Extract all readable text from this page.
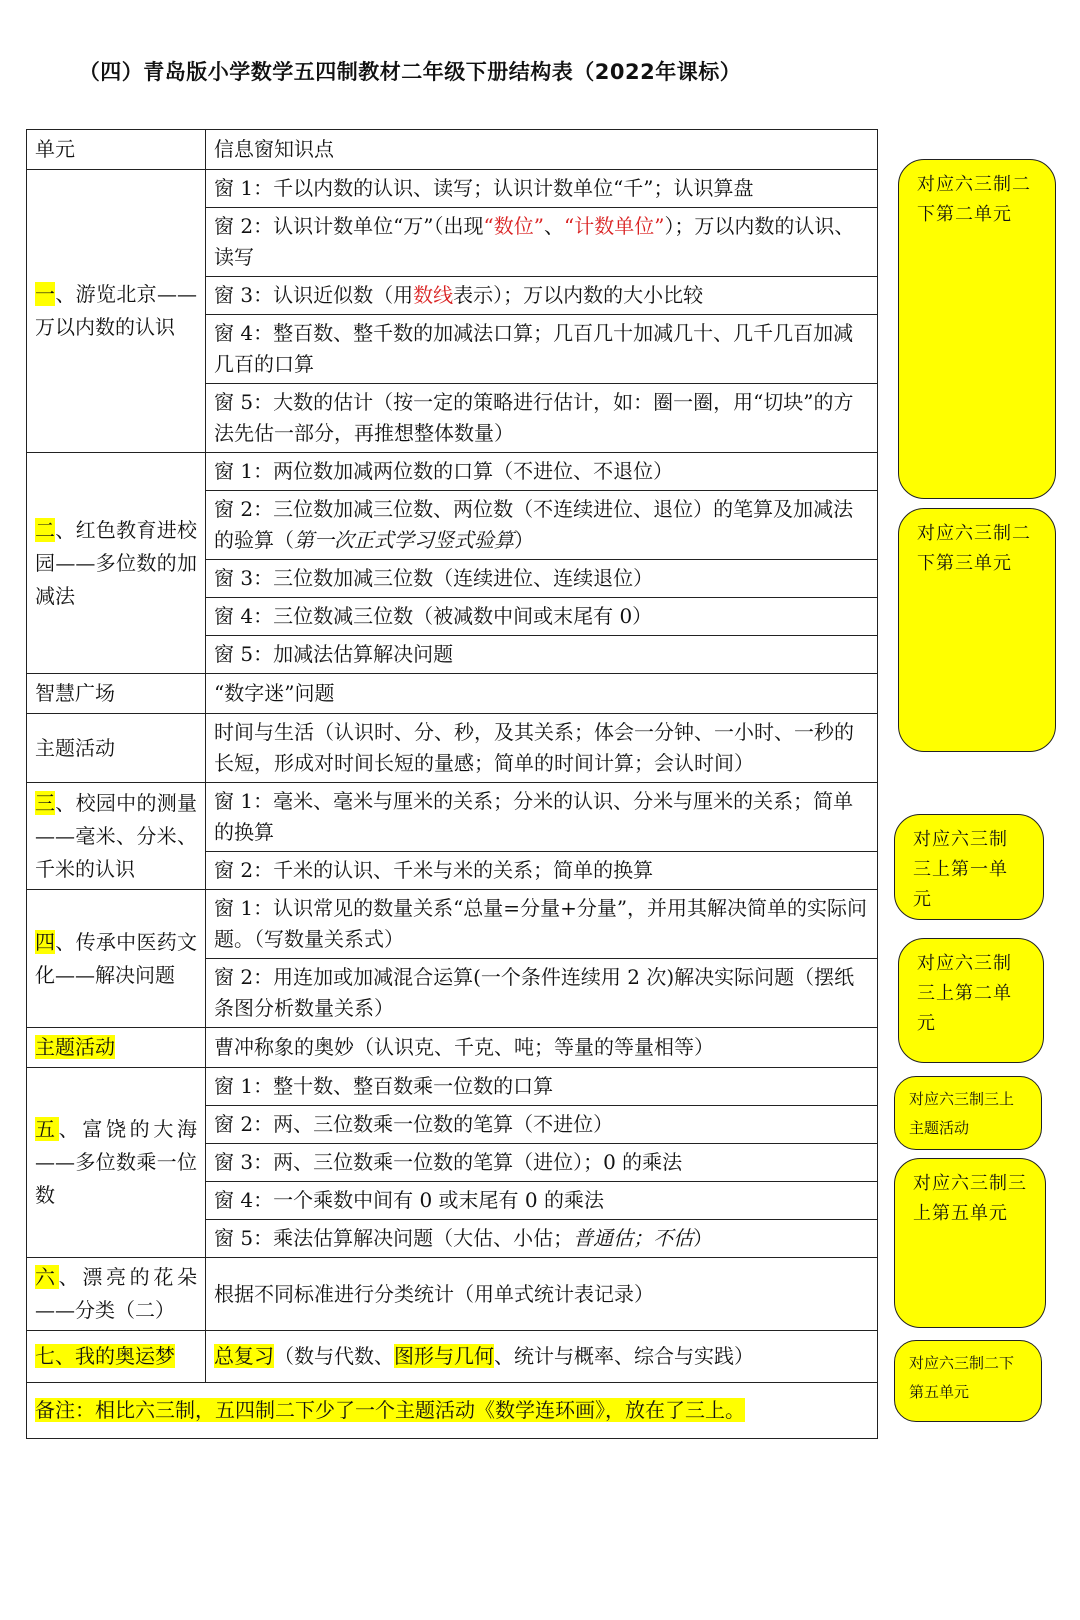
（四）青岛版小学数学五四制教材二年级下册结构表（2022年课标）
单元	信息窗知识点
一、游览北京——万以内数的认识	窗 1：千以内数的认识、读写；认识计数单位“千”；认识算盘
	窗 2：认识计数单位“万”（出现“数位”、“计数单位”）；万以内数的认识、读写
	窗 3：认识近似数（用数线表示）；万以内数的大小比较
	窗 4：整百数、整千数的加减法口算；几百几十加减几十、几千几百加减几百的口算
	窗 5：大数的估计（按一定的策略进行估计，如：圈一圈，用“切块”的方法先估一部分，再推想整体数量）
二、红色教育进校园——多位数的加减法	窗 1：两位数加减两位数的口算（不进位、不退位）
	窗 2：三位数加减三位数、两位数（不连续进位、退位）的笔算及加减法的验算（第一次正式学习竖式验算）
	窗 3：三位数加减三位数（连续进位、连续退位）
	窗 4：三位数减三位数（被减数中间或末尾有 0）
	窗 5：加减法估算解决问题
智慧广场	“数字迷”问题
主题活动	时间与生活（认识时、分、秒，及其关系；体会一分钟、一小时、一秒的长短，形成对时间长短的量感；简单的时间计算；会认时间）
三、校园中的测量——毫米、分米、千米的认识	窗 1：毫米、毫米与厘米的关系；分米的认识、分米与厘米的关系；简单的换算
	窗 2：千米的认识、千米与米的关系；简单的换算
四、传承中医药文化——解决问题	窗 1：认识常见的数量关系“总量=分量+分量”，并用其解决简单的实际问题。（写数量关系式）
	窗 2：用连加或加减混合运算(一个条件连续用 2 次)解决实际问题（摆纸条图分析数量关系）
主题活动	曹冲称象的奥妙（认识克、千克、吨；等量的等量相等）
五、富饶的大海——多位数乘一位数	窗 1：整十数、整百数乘一位数的口算
	窗 2：两、三位数乘一位数的笔算（不进位）
	窗 3：两、三位数乘一位数的笔算（进位）；0 的乘法
	窗 4：一个乘数中间有 0 或末尾有 0 的乘法
	窗 5：乘法估算解决问题（大估、小估；普通估；不估）
六、漂亮的花朵——分类（二）	根据不同标准进行分类统计（用单式统计表记录）
七、我的奥运梦	总复习（数与代数、图形与几何、统计与概率、综合与实践）
备注：相比六三制，五四制二下少了一个主题活动《数学连环画》，放在了三上。	
对应六三制二下第二单元
对应六三制二下第三单元
对应六三制三上第一单元
对应六三制三上第二单元
对应六三制三上主题活动
对应六三制三上第五单元
对应六三制二下第五单元
